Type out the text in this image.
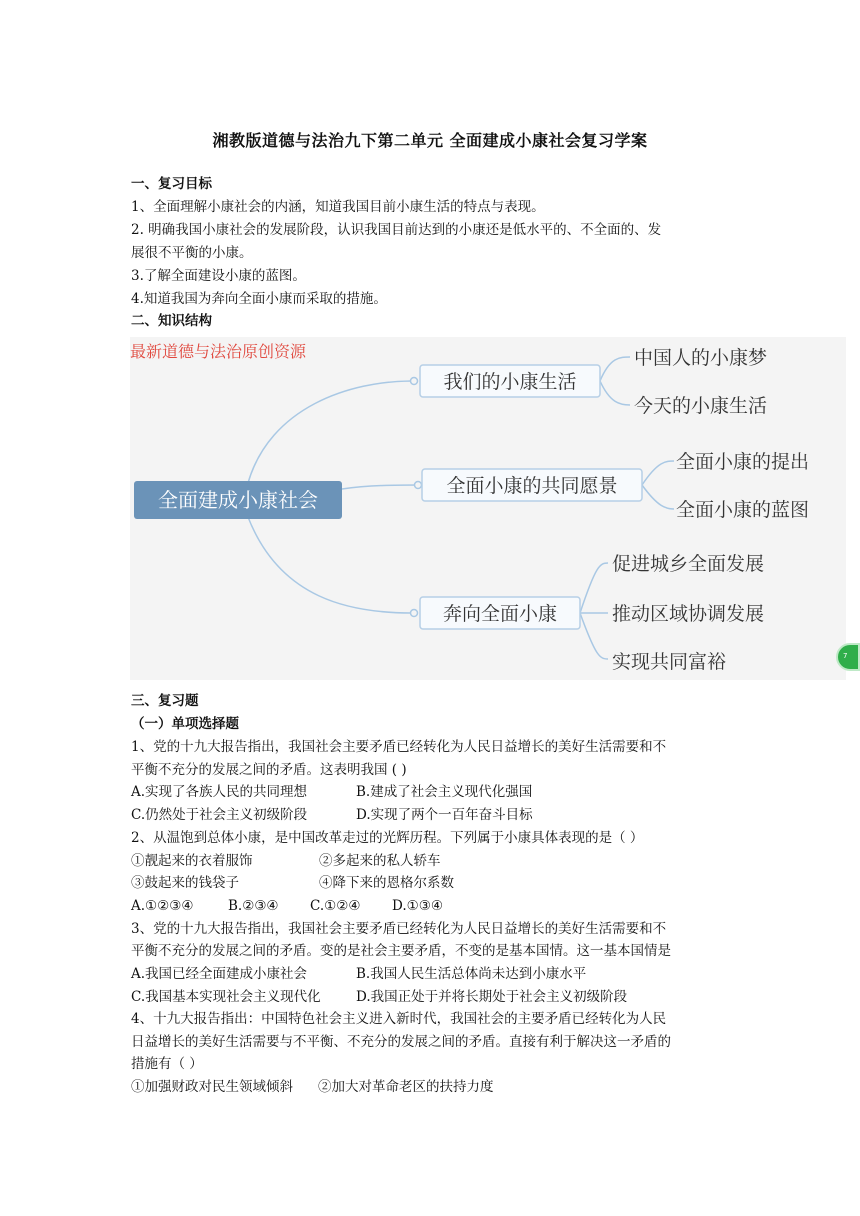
湘教版道德与法治九下第二单元 全面建成小康社会复习学案
一、复习目标
1、全面理解小康社会的内涵，知道我国目前小康生活的特点与表现。
2. 明确我国小康社会的发展阶段，认识我国目前达到的小康还是低水平的、不全面的、发
展很不平衡的小康。
3.了解全面建设小康的蓝图。
4.知道我国为奔向全面小康而采取的措施。
二、知识结构
最新道德与法治原创资源
全面建成小康社会
我们的小康生活
全面小康的共同愿景
奔向全面小康
中国人的小康梦
今天的小康生活
全面小康的提出
全面小康的蓝图
促进城乡全面发展
推动区域协调发展
实现共同富裕	7
三、复习题
（一）单项选择题
1、党的十九大报告指出，我国社会主要矛盾已经转化为人民日益增长的美好生活需要和不
平衡不充分的发展之间的矛盾。这表明我国 ( )
A.实现了各族人民的共同理想	B.建成了社会主义现代化强国
C.仍然处于社会主义初级阶段	D.实现了两个一百年奋斗目标
2、从温饱到总体小康，是中国改革走过的光辉历程。下列属于小康具体表现的是（ ）
①靓起来的衣着服饰	②多起来的私人轿车
③鼓起来的钱袋子	④降下来的恩格尔系数
A.①②③④	B.②③④ C.①②④ D.①③④
3、党的十九大报告指出，我国社会主要矛盾已经转化为人民日益增长的美好生活需要和不
平衡不充分的发展之间的矛盾。变的是社会主要矛盾，不变的是基本国情。这一基本国情是
A.我国已经全面建成小康社会	B.我国人民生活总体尚未达到小康水平
C.我国基本实现社会主义现代化	D.我国正处于并将长期处于社会主义初级阶段
4、十九大报告指出：中国特色社会主义进入新时代，我国社会的主要矛盾已经转化为人民
日益增长的美好生活需要与不平衡、不充分的发展之间的矛盾。直接有利于解决这一矛盾的
措施有（ ）
①加强财政对民生领域倾斜 ②加大对革命老区的扶持力度
